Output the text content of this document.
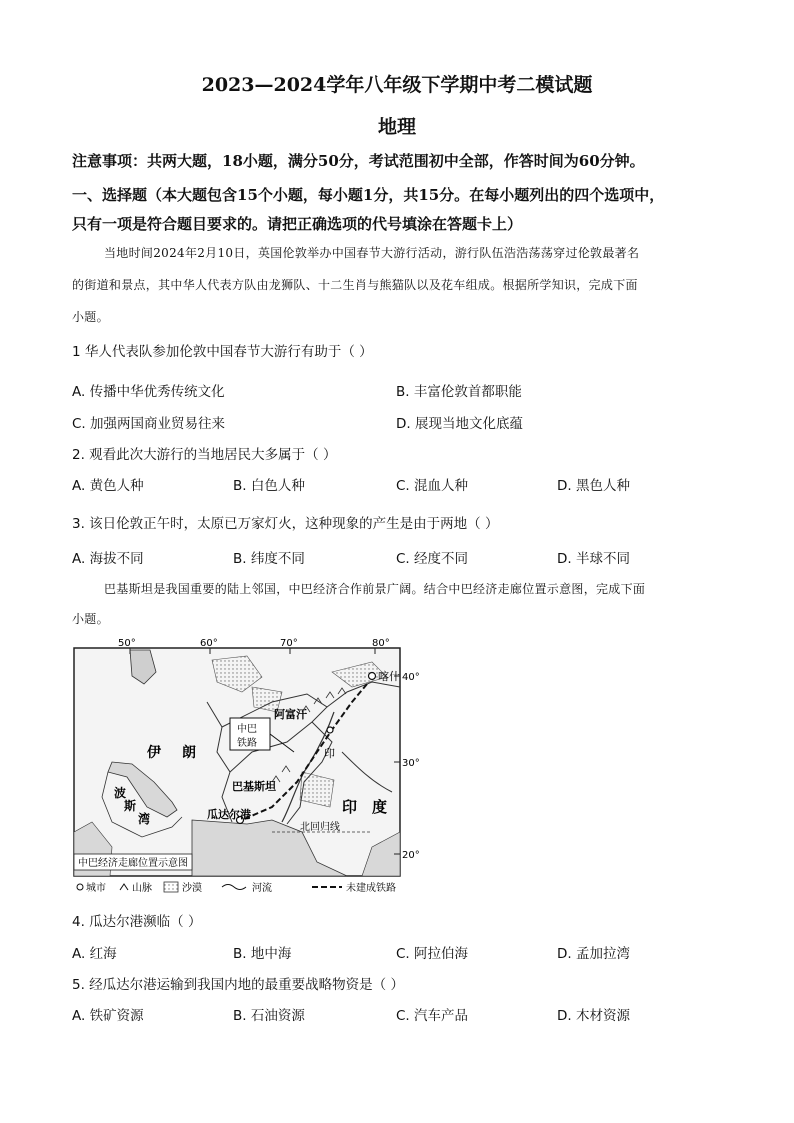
2023—2024学年八年级下学期中考二模试题
地理
注意事项：共两大题，18小题，满分50分，考试范围初中全部，作答时间为60分钟。
一、选择题（本大题包含15个小题，每小题1分，共15分。在每小题列出的四个选项中，
只有一项是符合题目要求的。请把正确选项的代号填涂在答题卡上）
当地时间2024年2月10日，英国伦敦举办中国春节大游行活动，游行队伍浩浩荡荡穿过伦敦最著名
的街道和景点，其中华人代表方队由龙狮队、十二生肖与熊猫队以及花车组成。根据所学知识，完成下面
小题。
1 华人代表队参加伦敦中国春节大游行有助于（ ）
A. 传播中华优秀传统文化	B. 丰富伦敦首都职能
C. 加强两国商业贸易往来	D. 展现当地文化底蕴
2. 观看此次大游行的当地居民大多属于（ ）
A. 黄色人种	B. 白色人种	C. 混血人种	D. 黑色人种
3. 该日伦敦正午时，太原已万家灯火，这种现象的产生是由于两地（ ）
A. 海拔不同	B. 纬度不同	C. 经度不同	D. 半球不同
巴基斯坦是我国重要的陆上邻国，中巴经济合作前景广阔。结合中巴经济走廊位置示意图，完成下面
小题。
50°	60°	70°	80°
40°
30°
20°
喀什
阿富汗
中巴
铁路
伊 朗	印
巴基斯坦
波
斯
湾	瓜达尔港
北回归线
印 度
中巴经济走廊位置示意图
城市	山脉	沙漠	河流	未建成铁路
4. 瓜达尔港濒临（ ）
A. 红海	B. 地中海	C. 阿拉伯海	D. 孟加拉湾
5. 经瓜达尔港运输到我国内地的最重要战略物资是（ ）
A. 铁矿资源	B. 石油资源	C. 汽车产品	D. 木材资源
